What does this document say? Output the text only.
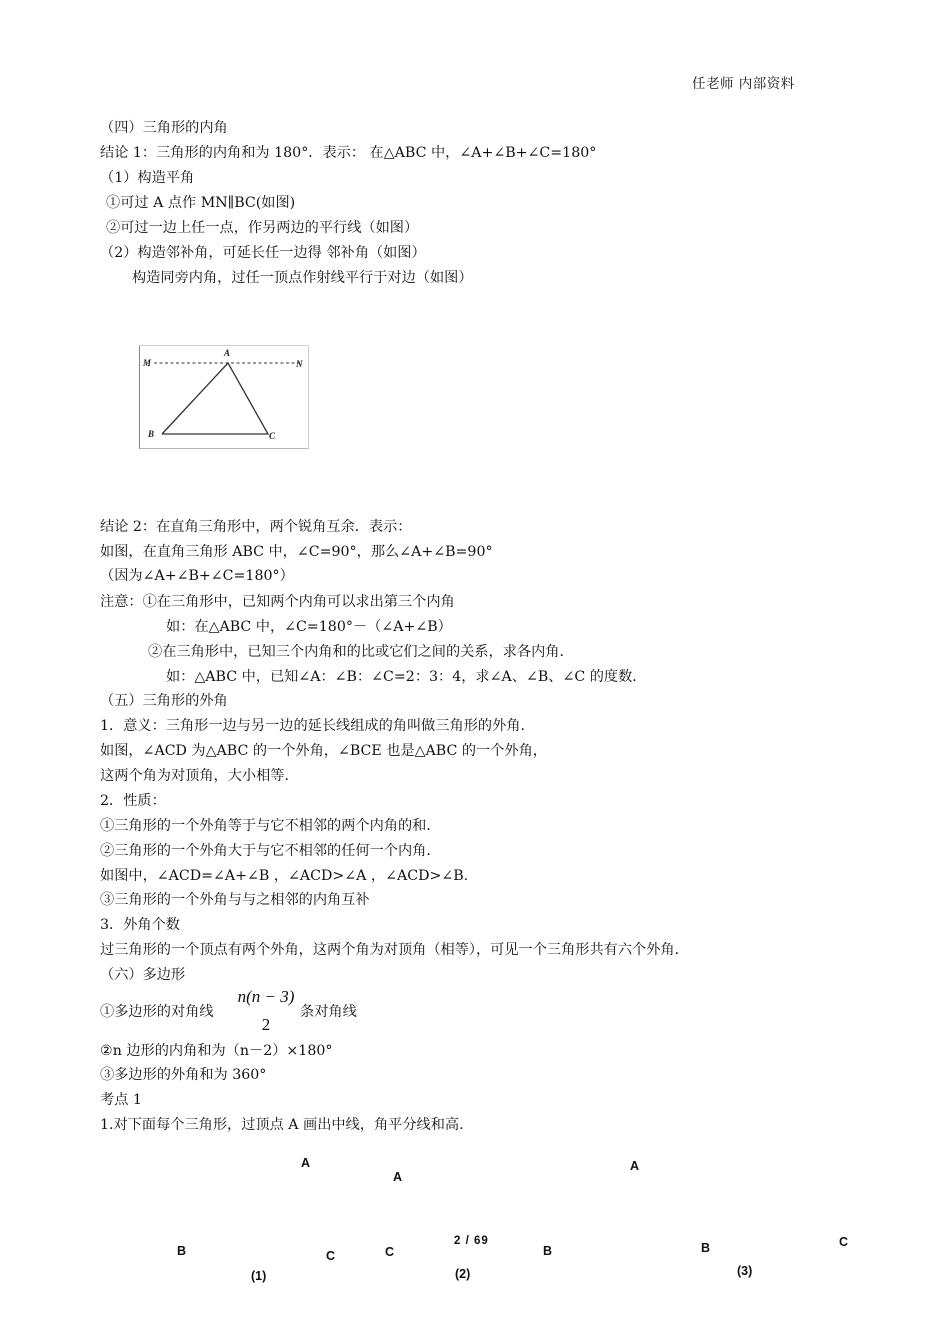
任老师 内部资料
（四）三角形的内角
结论 1：三角形的内角和为 180°．表示： 在△ABC 中，∠A+∠B+∠C=180°
（1）构造平角
①可过 A 点作 MN∥BC(如图)
②可过一边上任一点，作另两边的平行线（如图）
（2）构造邻补角，可延长任一边得 邻补角（如图）
构造同旁内角，过任一顶点作射线平行于对边（如图）
M	N
A
B	C
结论 2：在直角三角形中，两个锐角互余．表示：
如图，在直角三角形 ABC 中，∠C=90°，那么∠A+∠B=90°
（因为∠A+∠B+∠C=180°）
注意：①在三角形中，已知两个内角可以求出第三个内角
如：在△ABC 中，∠C=180°－（∠A+∠B）
②在三角形中，已知三个内角和的比或它们之间的关系，求各内角．
如：△ABC 中，已知∠A：∠B：∠C=2：3：4，求∠A、∠B、∠C 的度数．
（五）三角形的外角
1．意义：三角形一边与另一边的延长线组成的角叫做三角形的外角．
如图，∠ACD 为△ABC 的一个外角，∠BCE 也是△ABC 的一个外角，
这两个角为对顶角，大小相等．
2．性质：
①三角形的一个外角等于与它不相邻的两个内角的和．
②三角形的一个外角大于与它不相邻的任何一个内角．
如图中，∠ACD=∠A+∠B ，∠ACD>∠A ，∠ACD>∠B.
③三角形的一个外角与与之相邻的内角互补
3．外角个数
过三角形的一个顶点有两个外角，这两个角为对顶角（相等），可见一个三角形共有六个外角．
（六）多边形
①多边形的对角线
n(n − 3)
2
条对角线
②n 边形的内角和为（n－2）×180°
③多边形的外角和为 360°
考点 1
1.对下面每个三角形，过顶点 A 画出中线，角平分线和高.
A
A
A
B	C	C	B	B	C
2 / 69
(1)	(2)	(3)
